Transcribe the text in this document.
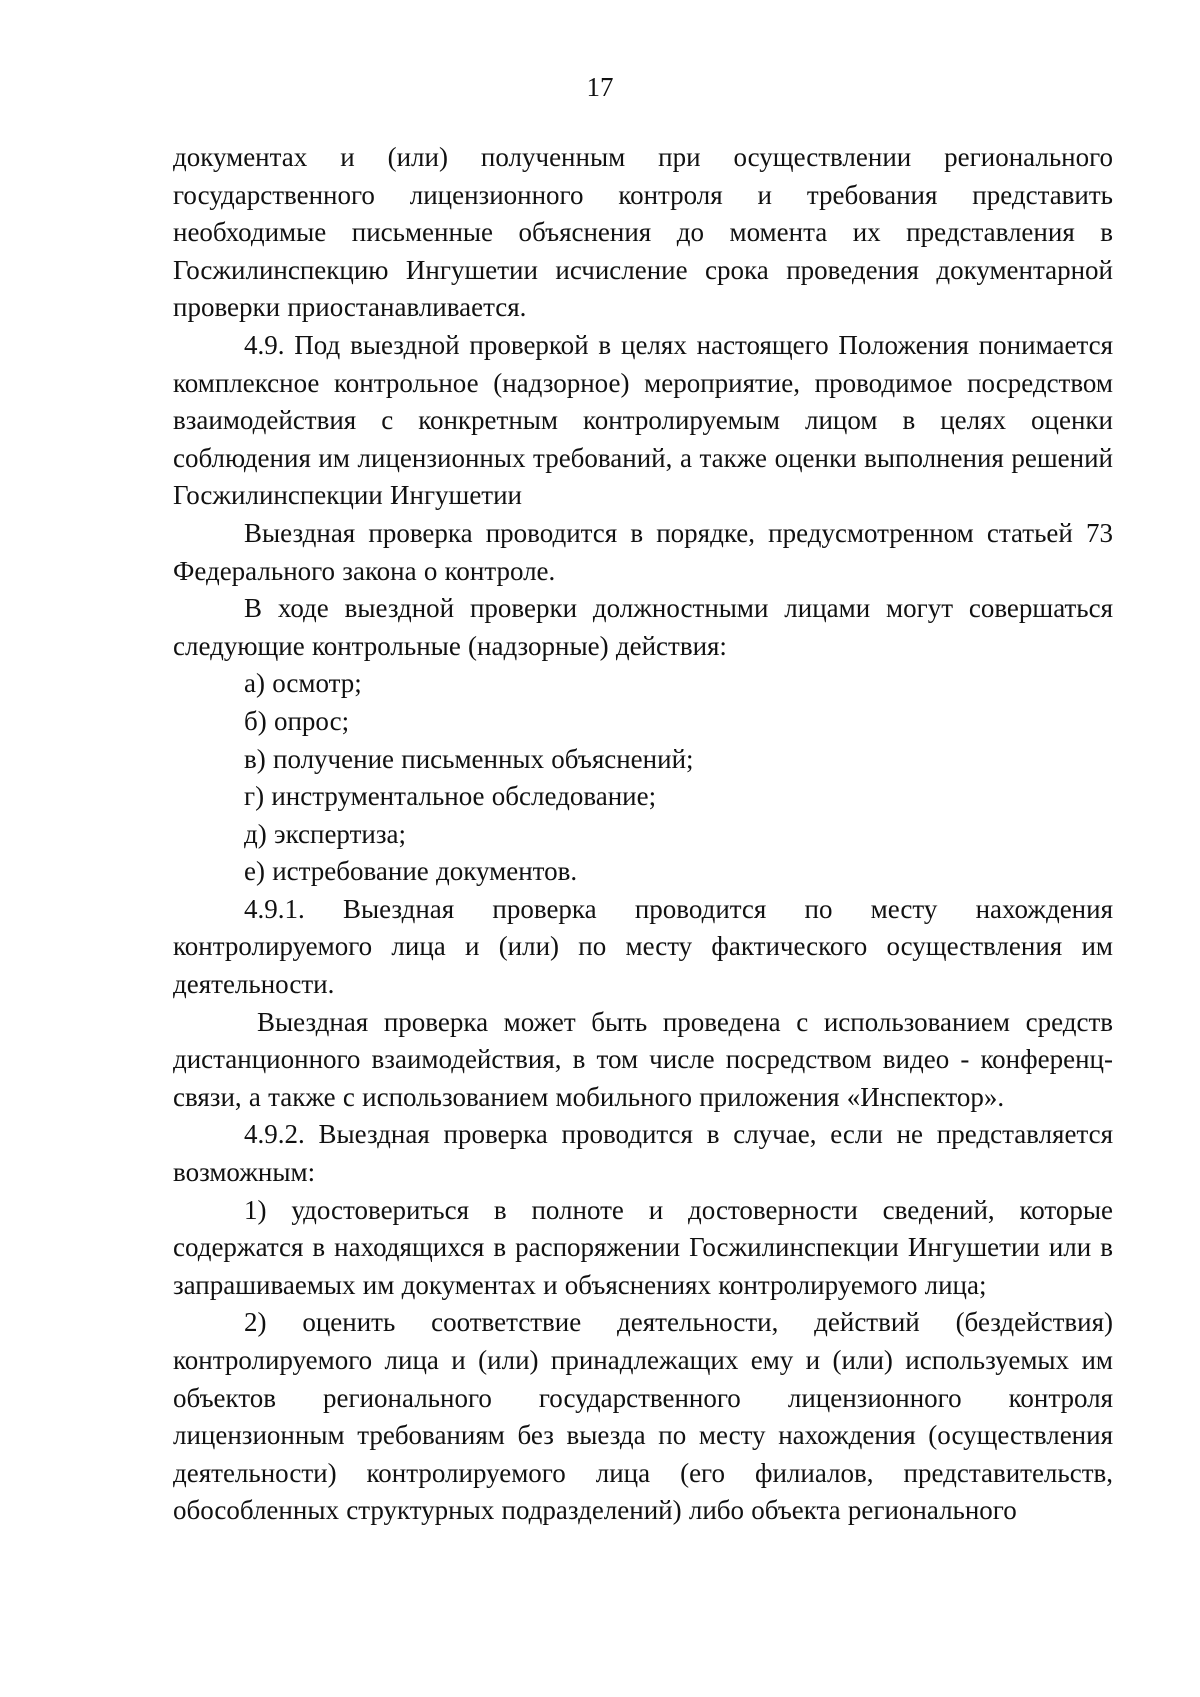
17

документах и (или) полученным при осуществлении регионального государственного лицензионного контроля и требования представить необходимые письменные объяснения до момента их представления в Госжилинспекцию Ингушетии исчисление срока проведения документарной проверки приостанавливается.

4.9. Под выездной проверкой в целях настоящего Положения понимается комплексное контрольное (надзорное) мероприятие, проводимое посредством взаимодействия с конкретным контролируемым лицом в целях оценки соблюдения им лицензионных требований, а также оценки выполнения решений Госжилинспекции Ингушетии

Выездная проверка проводится в порядке, предусмотренном статьей 73 Федерального закона о контроле.

В ходе выездной проверки должностными лицами могут совершаться следующие контрольные (надзорные) действия:

а) осмотр;

б) опрос;

в) получение письменных объяснений;

г) инструментальное обследование;

д) экспертиза;

е) истребование документов.

4.9.1. Выездная проверка проводится по месту нахождения контролируемого лица и (или) по месту фактического осуществления им деятельности.

Выездная проверка может быть проведена с использованием средств дистанционного взаимодействия, в том числе посредством видео - конференц-связи, а также с использованием мобильного приложения «Инспектор».

4.9.2. Выездная проверка проводится в случае, если не представляется возможным:

1) удостовериться в полноте и достоверности сведений, которые содержатся в находящихся в распоряжении Госжилинспекции Ингушетии или в запрашиваемых им документах и объяснениях контролируемого лица;

2) оценить соответствие деятельности, действий (бездействия) контролируемого лица и (или) принадлежащих ему и (или) используемых им объектов регионального государственного лицензионного контроля лицензионным требованиям без выезда по месту нахождения (осуществления деятельности) контролируемого лица (его филиалов, представительств, обособленных структурных подразделений) либо объекта регионального
